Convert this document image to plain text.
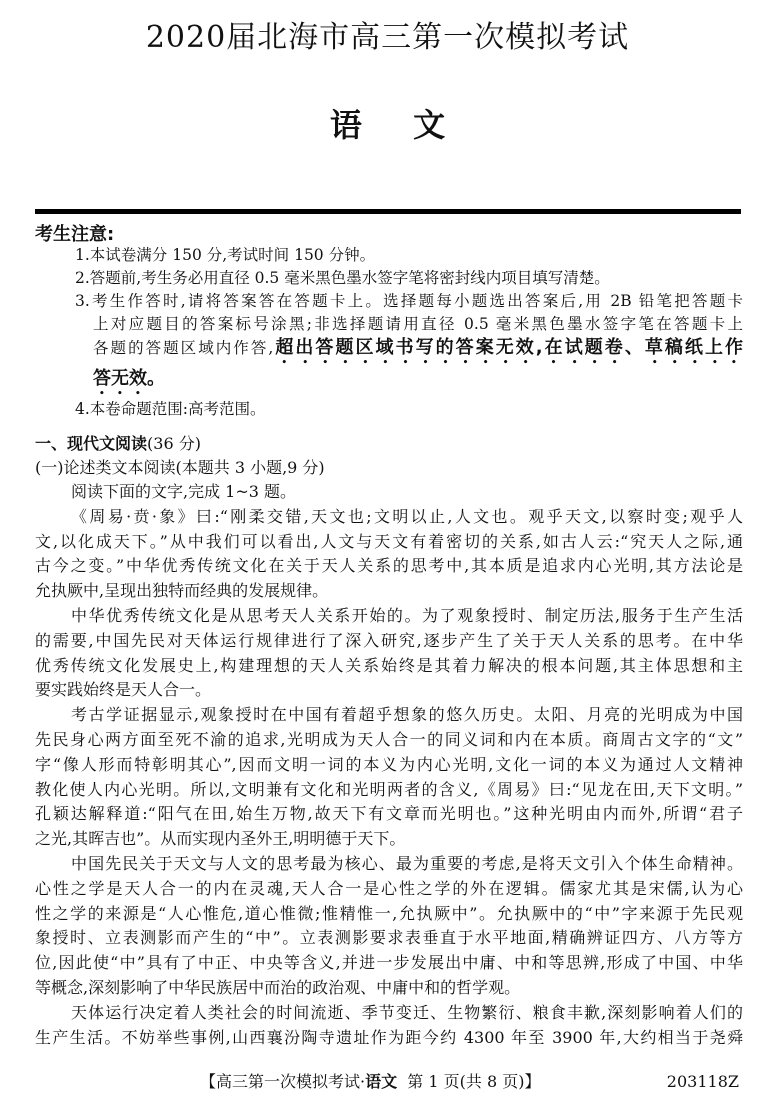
2020届北海市高三第一次模拟考试
语 文
考生注意:
1.本试卷满分 150 分,考试时间 150 分钟。
2.答题前,考生务必用直径 0.5 毫米黑色墨水签字笔将密封线内项目填写清楚。
3.考生作答时,请将答案答在答题卡上。选择题每小题选出答案后,用 2B 铅笔把答题卡
上对应题目的答案标号涂黑;非选择题请用直径 0.5 毫米黑色墨水签字笔在答题卡上
各题的答题区域内作答,超出答题区域书写的答案无效,在试题卷、草稿纸上作
答无效。
4.本卷命题范围:高考范围。
一、现代文阅读(36 分)
(一)论述类文本阅读(本题共 3 小题,9 分)
阅读下面的文字,完成 1~3 题。
《周易·贲·象》曰:“刚柔交错,天文也;文明以止,人文也。观乎天文,以察时变;观乎人
文,以化成天下。”从中我们可以看出,人文与天文有着密切的关系,如古人云:“究天人之际,通
古今之变。”中华优秀传统文化在关于天人关系的思考中,其本质是追求内心光明,其方法论是
允执厥中,呈现出独特而经典的发展规律。
中华优秀传统文化是从思考天人关系开始的。为了观象授时、制定历法,服务于生产生活
的需要,中国先民对天体运行规律进行了深入研究,逐步产生了关于天人关系的思考。在中华
优秀传统文化发展史上,构建理想的天人关系始终是其着力解决的根本问题,其主体思想和主
要实践始终是天人合一。
考古学证据显示,观象授时在中国有着超乎想象的悠久历史。太阳、月亮的光明成为中国
先民身心两方面至死不渝的追求,光明成为天人合一的同义词和内在本质。商周古文字的“文”
字“像人形而特彰明其心”,因而文明一词的本义为内心光明,文化一词的本义为通过人文精神
教化使人内心光明。所以,文明兼有文化和光明两者的含义,《周易》曰:“见龙在田,天下文明。”
孔颖达解释道:“阳气在田,始生万物,故天下有文章而光明也。”这种光明由内而外,所谓“君子
之光,其晖吉也”。从而实现内圣外王,明明德于天下。
中国先民关于天文与人文的思考最为核心、最为重要的考虑,是将天文引入个体生命精神。
心性之学是天人合一的内在灵魂,天人合一是心性之学的外在逻辑。儒家尤其是宋儒,认为心
性之学的来源是“人心惟危,道心惟微;惟精惟一,允执厥中”。允执厥中的“中”字来源于先民观
象授时、立表测影而产生的“中”。立表测影要求表垂直于水平地面,精确辨证四方、八方等方
位,因此使“中”具有了中正、中央等含义,并进一步发展出中庸、中和等思辨,形成了中国、中华
等概念,深刻影响了中华民族居中而治的政治观、中庸中和的哲学观。
天体运行决定着人类社会的时间流逝、季节变迁、生物繁衍、粮食丰歉,深刻影响着人们的
生产生活。不妨举些事例,山西襄汾陶寺遗址作为距今约 4300 年至 3900 年,大约相当于尧舜
【高三第一次模拟考试·语文 第 1 页(共 8 页)】	203118Z
